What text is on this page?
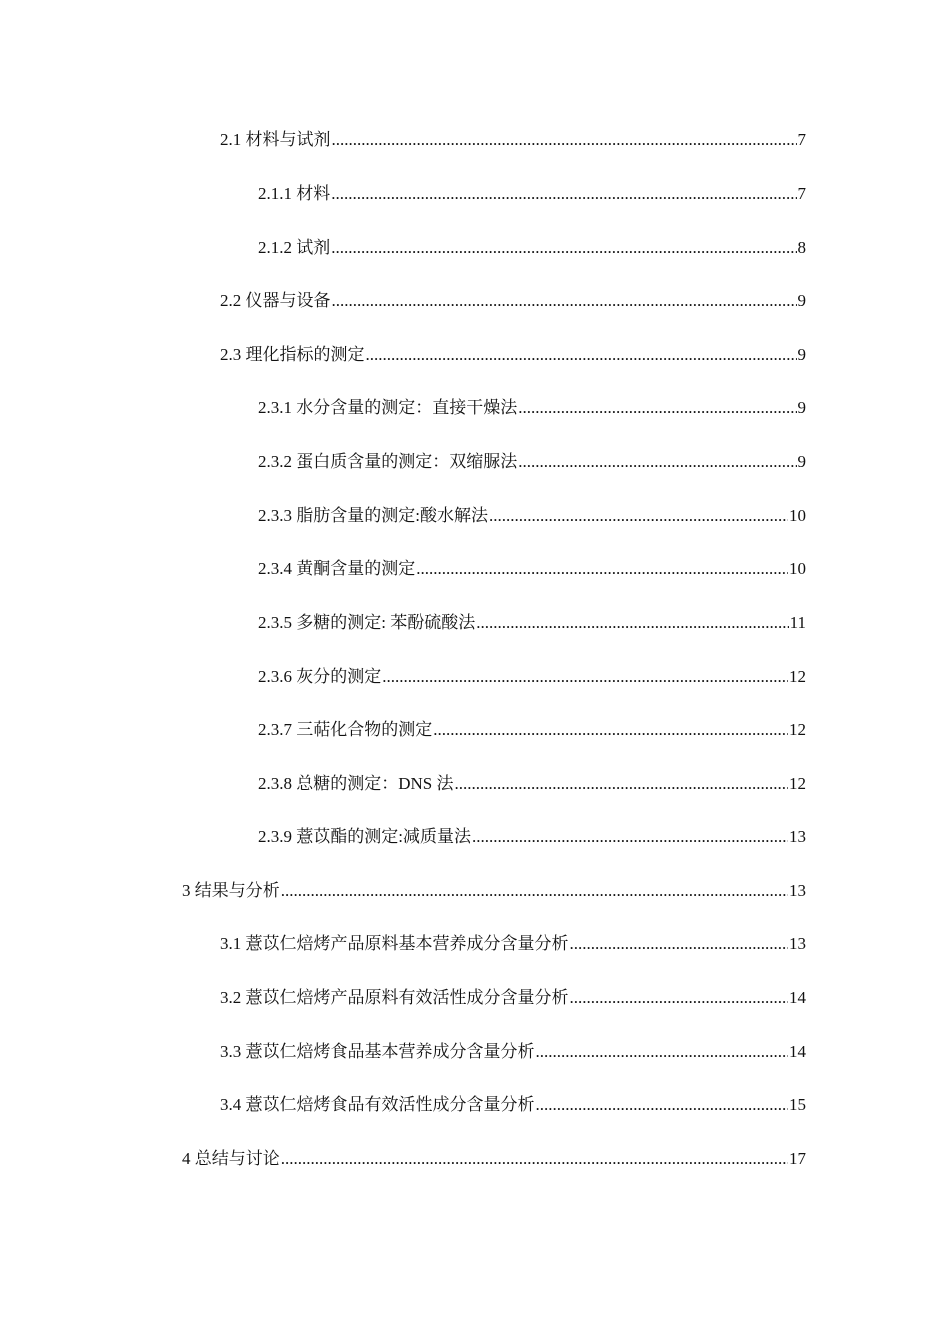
2.1 材料与试剂 .....	7
2.1.1 材料 .....	7
2.1.2 试剂 .....	8
2.2 仪器与设备 .....	9
2.3 理化指标的测定 .....	9
2.3.1 水分含量的测定：直接干燥法 .....	9
2.3.2 蛋白质含量的测定：双缩脲法 .....	9
2.3.3 脂肪含量的测定:酸水解法 .....	10
2.3.4 黄酮含量的测定 .....	10
2.3.5 多糖的测定: 苯酚硫酸法 .....	11
2.3.6 灰分的测定 .....	12
2.3.7 三萜化合物的测定 .....	12
2.3.8 总糖的测定：DNS 法 .....	12
2.3.9 薏苡酯的测定:减质量法 .....	13
3 结果与分析 .....	13
3.1 薏苡仁焙烤产品原料基本营养成分含量分析 .....	13
3.2 薏苡仁焙烤产品原料有效活性成分含量分析 .....	14
3.3 薏苡仁焙烤食品基本营养成分含量分析 .....	14
3.4 薏苡仁焙烤食品有效活性成分含量分析 .....	15
4 总结与讨论 .....	17
